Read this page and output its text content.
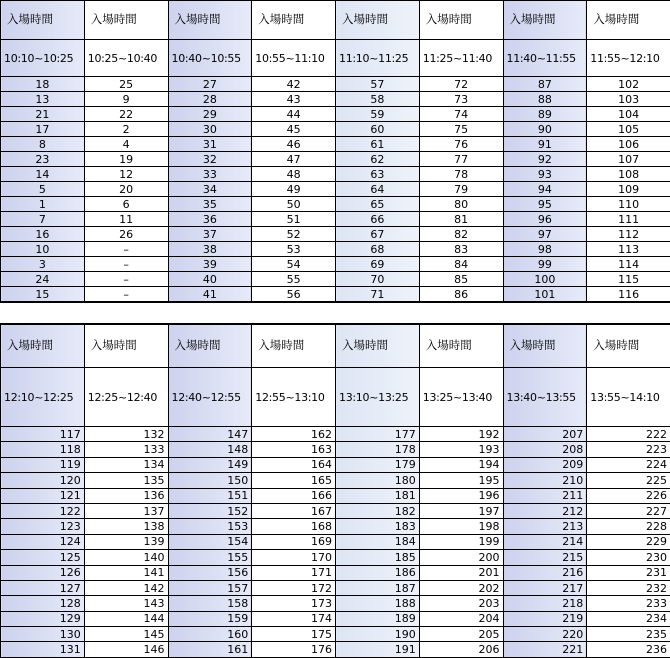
入場時間	入場時間	入場時間	入場時間	入場時間	入場時間	入場時間	入場時間
10:10~10:25	10:25~10:40	10:40~10:55	10:55~11:10	11:10~11:25	11:25~11:40	11:40~11:55	11:55~12:10
18	25	27	42	57	72	87	102
13	9	28	43	58	73	88	103
21	22	29	44	59	74	89	104
17	2	30	45	60	75	90	105
8	4	31	46	61	76	91	106
23	19	32	47	62	77	92	107
14	12	33	48	63	78	93	108
5	20	34	49	64	79	94	109
1	6	35	50	65	80	95	110
7	11	36	51	66	81	96	111
16	26	37	52	67	82	97	112
10	–	38	53	68	83	98	113
3	–	39	54	69	84	99	114
24	–	40	55	70	85	100	115
15	–	41	56	71	86	101	116
入場時間	入場時間	入場時間	入場時間	入場時間	入場時間	入場時間	入場時間
12:10~12:25	12:25~12:40	12:40~12:55	12:55~13:10	13:10~13:25	13:25~13:40	13:40~13:55	13:55~14:10
117	132	147	162	177	192	207	222
118	133	148	163	178	193	208	223
119	134	149	164	179	194	209	224
120	135	150	165	180	195	210	225
121	136	151	166	181	196	211	226
122	137	152	167	182	197	212	227
123	138	153	168	183	198	213	228
124	139	154	169	184	199	214	229
125	140	155	170	185	200	215	230
126	141	156	171	186	201	216	231
127	142	157	172	187	202	217	232
128	143	158	173	188	203	218	233
129	144	159	174	189	204	219	234
130	145	160	175	190	205	220	235
131	146	161	176	191	206	221	236
